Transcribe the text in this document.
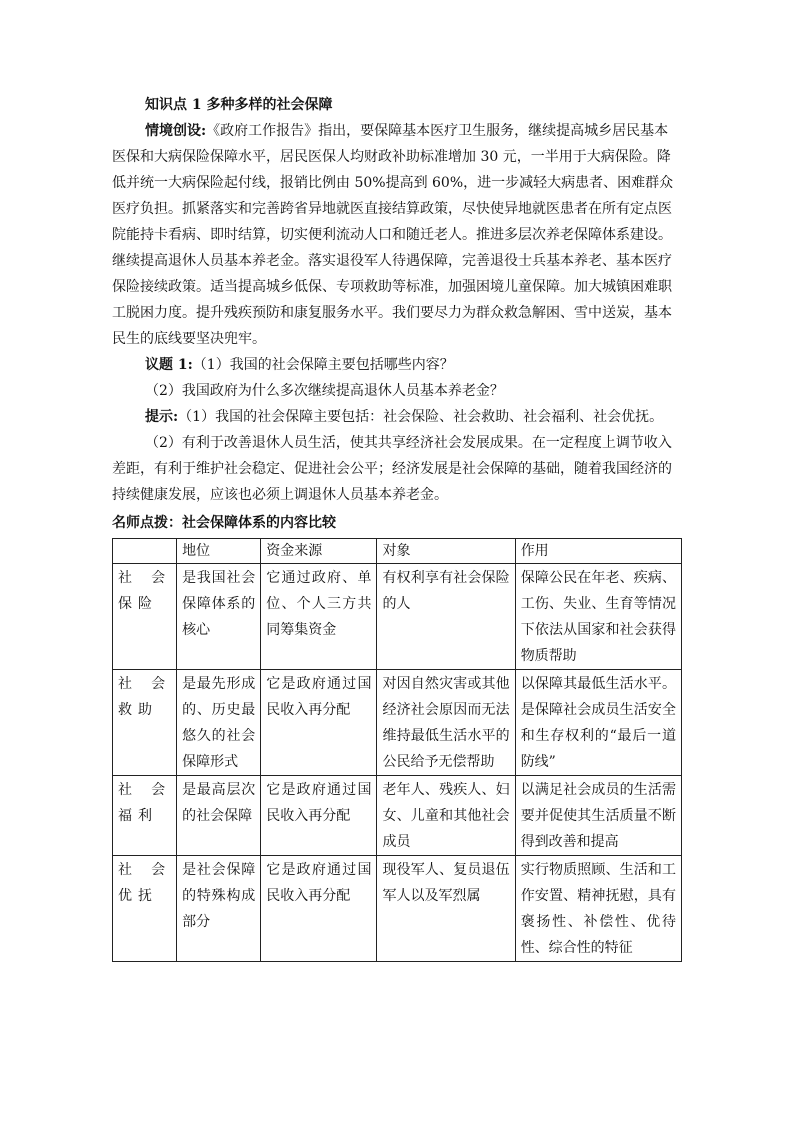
知识点 1 多种多样的社会保障
情境创设:《政府工作报告》指出，要保障基本医疗卫生服务，继续提高城乡居民基本
医保和大病保险保障水平，居民医保人均财政补助标准增加 30 元，一半用于大病保险。降
低并统一大病保险起付线，报销比例由 50%提高到 60%，进一步减轻大病患者、困难群众
医疗负担。抓紧落实和完善跨省异地就医直接结算政策，尽快使异地就医患者在所有定点医
院能持卡看病、即时结算，切实便利流动人口和随迁老人。推进多层次养老保障体系建设。
继续提高退休人员基本养老金。落实退役军人待遇保障，完善退役士兵基本养老、基本医疗
保险接续政策。适当提高城乡低保、专项救助等标准，加强困境儿童保障。加大城镇困难职
工脱困力度。提升残疾预防和康复服务水平。我们要尽力为群众救急解困、雪中送炭，基本
民生的底线要坚决兜牢。
议题 1:（1）我国的社会保障主要包括哪些内容？
（2）我国政府为什么多次继续提高退休人员基本养老金？
提示:（1）我国的社会保障主要包括：社会保险、社会救助、社会福利、社会优抚。
（2）有利于改善退休人员生活，使其共享经济社会发展成果。在一定程度上调节收入
差距，有利于维护社会稳定、促进社会公平；经济发展是社会保障的基础，随着我国经济的
持续健康发展，应该也必须上调退休人员基本养老金。
名师点拨：社会保障体系的内容比较
	地位	资金来源	对象	作用
社会保险	是我国社会保障体系的核心	它通过政府、单位、个人三方共同筹集资金	有权利享有社会保险的人	保障公民在年老、疾病、工伤、失业、生育等情况下依法从国家和社会获得物质帮助
社会救助	是最先形成的、历史最悠久的社会保障形式	它是政府通过国民收入再分配	对因自然灾害或其他经济社会原因而无法维持最低生活水平的公民给予无偿帮助	以保障其最低生活水平。是保障社会成员生活安全和生存权利的“最后一道防线”
社会福利	是最高层次的社会保障	它是政府通过国民收入再分配	老年人、残疾人、妇女、儿童和其他社会成员	以满足社会成员的生活需要并促使其生活质量不断得到改善和提高
社会优抚	是社会保障的特殊构成部分	它是政府通过国民收入再分配	现役军人、复员退伍军人以及军烈属	实行物质照顾、生活和工作安置、精神抚慰，具有褒扬性、补偿性、优待性、综合性的特征
